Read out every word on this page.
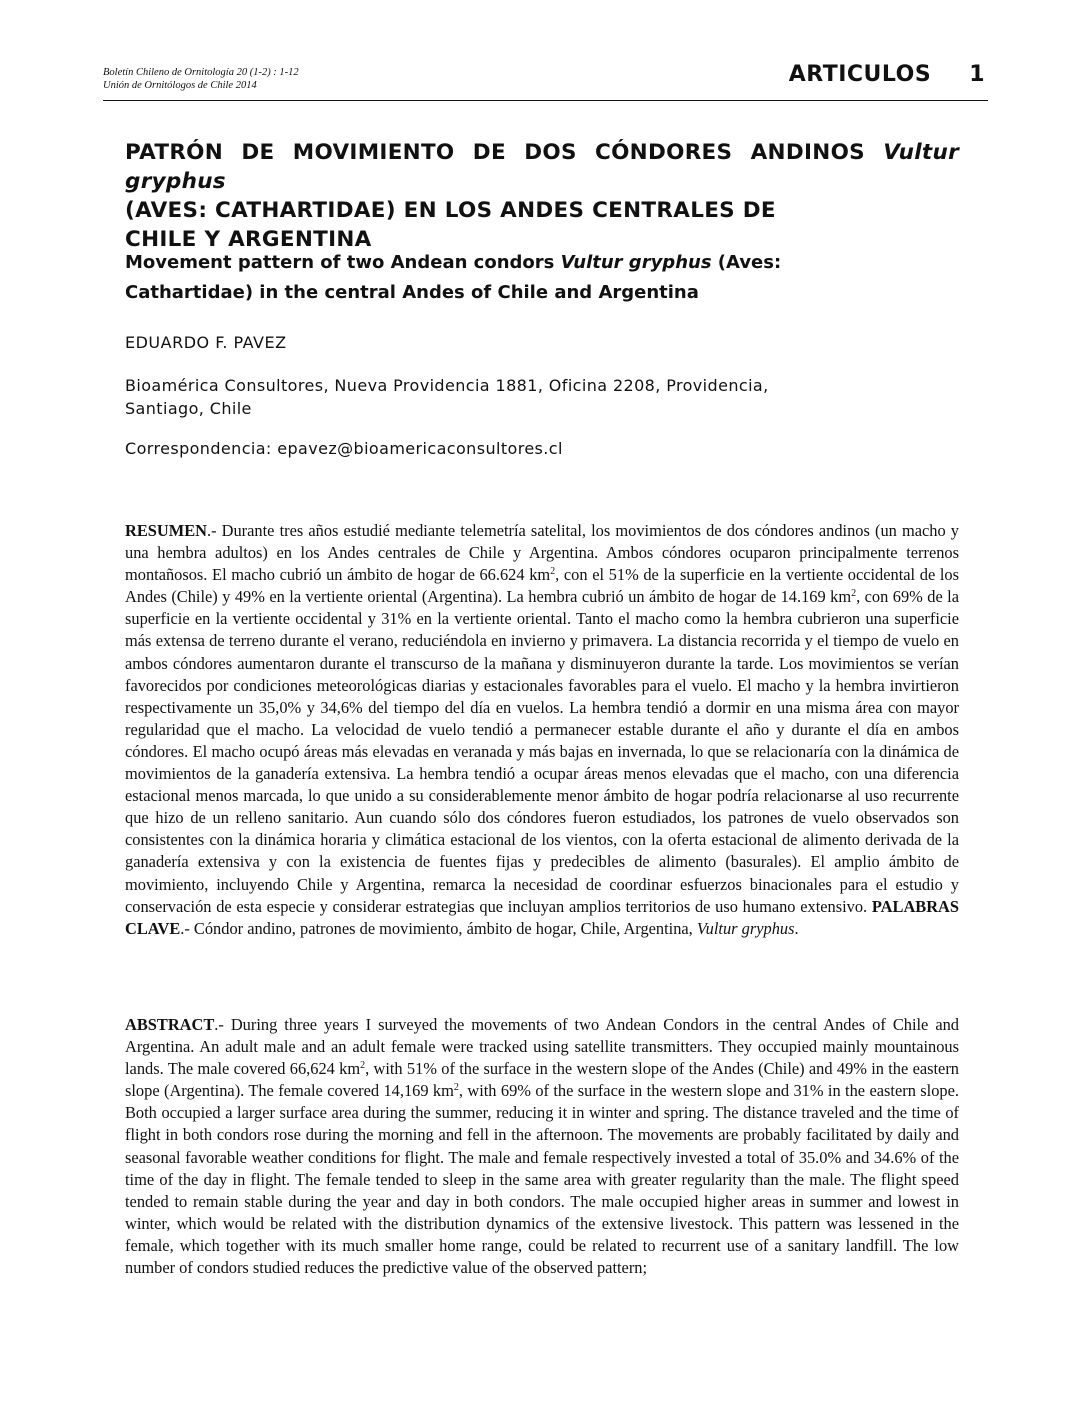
Boletín Chileno de Ornitología 20 (1-2) : 1-12
Unión de Ornitólogos de Chile 2014	ARTICULOS 1
PATRÓN DE MOVIMIENTO DE DOS CÓNDORES ANDINOS Vultur gryphus
(AVES: CATHARTIDAE) EN LOS ANDES CENTRALES DE
CHILE Y ARGENTINA
Movement pattern of two Andean condors Vultur gryphus (Aves:
Cathartidae) in the central Andes of Chile and Argentina
EDUARDO F. PAVEZ
Bioamérica Consultores, Nueva Providencia 1881, Oficina 2208, Providencia,
Santiago, Chile
Correspondencia: epavez@bioamericaconsultores.cl
RESUMEN.- Durante tres años estudié mediante telemetría satelital, los movimientos de dos cóndores andinos (un macho y una hembra adultos) en los Andes centrales de Chile y Argentina. Ambos cóndores ocuparon principalmente terrenos montañosos. El macho cubrió un ámbito de hogar de 66.624 $km^2$, con el 51% de la superficie en la vertiente occidental de los Andes (Chile) y 49% en la vertiente oriental (Argentina). La hembra cubrió un ámbito de hogar de 14.169 $km^2$, con 69% de la superficie en la vertiente occidental y 31% en la vertiente oriental. Tanto el macho como la hembra cubrieron una superficie más extensa de terreno durante el verano, reduciéndola en invierno y primavera. La distancia recorrida y el tiempo de vuelo en ambos cóndores aumentaron durante el transcurso de la mañana y disminuyeron durante la tarde. Los movimientos se verían favorecidos por condiciones meteorológicas diarias y estacionales favorables para el vuelo. El macho y la hembra invirtieron respectivamente un 35,0% y 34,6% del tiempo del día en vuelos. La hembra tendió a dormir en una misma área con mayor regularidad que el macho. La velocidad de vuelo tendió a permanecer estable durante el año y durante el día en ambos cóndores. El macho ocupó áreas más elevadas en veranada y más bajas en invernada, lo que se relacionaría con la dinámica de movimientos de la ganadería extensiva. La hembra tendió a ocupar áreas menos elevadas que el macho, con una diferencia estacional menos marcada, lo que unido a su considerablemente menor ámbito de hogar podría relacionarse al uso recurrente que hizo de un relleno sanitario. Aun cuando sólo dos cóndores fueron estudiados, los patrones de vuelo observados son consistentes con la dinámica horaria y climática estacional de los vientos, con la oferta estacional de alimento derivada de la ganadería extensiva y con la existencia de fuentes fijas y predecibles de alimento (basurales). El amplio ámbito de movimiento, incluyendo Chile y Argentina, remarca la necesidad de coordinar esfuerzos binacionales para el estudio y conservación de esta especie y considerar estrategias que incluyan amplios territorios de uso humano extensivo. PALABRAS CLAVE.- Cóndor andino, patrones de movimiento, ámbito de hogar, Chile, Argentina, Vultur gryphus.
ABSTRACT.- During three years I surveyed the movements of two Andean Condors in the central Andes of Chile and Argentina. An adult male and an adult female were tracked using satellite transmitters. They occupied mainly mountainous lands. The male covered 66,624 $km^2$, with 51% of the surface in the western slope of the Andes (Chile) and 49% in the eastern slope (Argentina). The female covered 14,169 $km^2$, with 69% of the surface in the western slope and 31% in the eastern slope. Both occupied a larger surface area during the summer, reducing it in winter and spring. The distance traveled and the time of flight in both condors rose during the morning and fell in the afternoon. The movements are probably facilitated by daily and seasonal favorable weather conditions for flight. The male and female respectively invested a total of 35.0% and 34.6% of the time of the day in flight. The female tended to sleep in the same area with greater regularity than the male. The flight speed tended to remain stable during the year and day in both condors. The male occupied higher areas in summer and lowest in winter, which would be related with the distribution dynamics of the extensive livestock. This pattern was lessened in the female, which together with its much smaller home range, could be related to recurrent use of a sanitary landfill. The low number of condors studied reduces the predictive value of the observed pattern;
